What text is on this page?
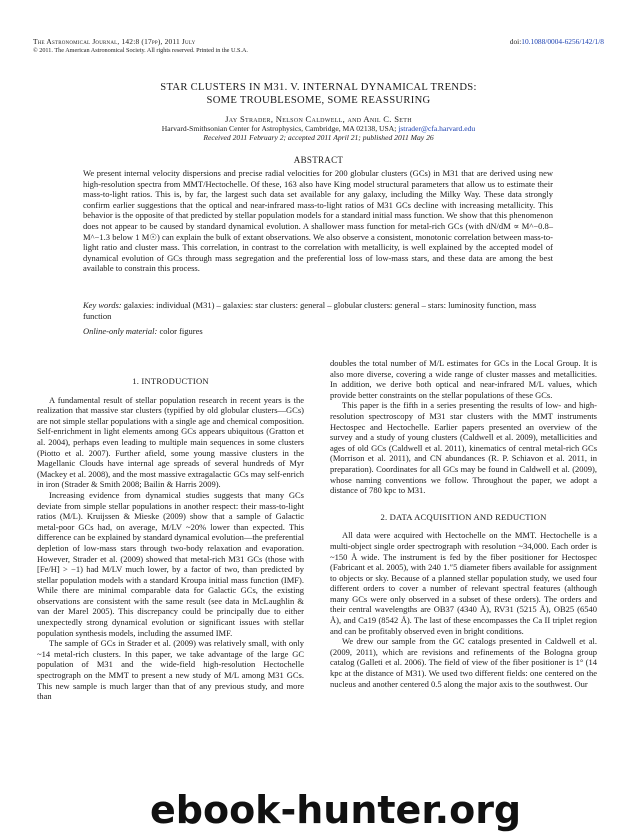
The Astronomical Journal, 142:8 (17pp), 2011 July
© 2011. The American Astronomical Society. All rights reserved. Printed in the U.S.A.
doi:10.1088/0004-6256/142/1/8
STAR CLUSTERS IN M31. V. INTERNAL DYNAMICAL TRENDS:
SOME TROUBLESOME, SOME REASSURING
Jay Strader, Nelson Caldwell, and Anil C. Seth
Harvard-Smithsonian Center for Astrophysics, Cambridge, MA 02138, USA; jstrader@cfa.harvard.edu
Received 2011 February 2; accepted 2011 April 21; published 2011 May 26
ABSTRACT
We present internal velocity dispersions and precise radial velocities for 200 globular clusters (GCs) in M31 that are derived using new high-resolution spectra from MMT/Hectochelle. Of these, 163 also have King model structural parameters that allow us to estimate their mass-to-light ratios. This is, by far, the largest such data set available for any galaxy, including the Milky Way. These data strongly confirm earlier suggestions that the optical and near-infrared mass-to-light ratios of M31 GCs decline with increasing metallicity. This behavior is the opposite of that predicted by stellar population models for a standard initial mass function. We show that this phenomenon does not appear to be caused by standard dynamical evolution. A shallower mass function for metal-rich GCs (with dN/dM ∝ M^−0.8–M^−1.3 below 1 M☉) can explain the bulk of extant observations. We also observe a consistent, monotonic correlation between mass-to-light ratio and cluster mass. This correlation, in contrast to the correlation with metallicity, is well explained by the accepted model of dynamical evolution of GCs through mass segregation and the preferential loss of low-mass stars, and these data are among the best available to constrain this process.
Key words: galaxies: individual (M31) – galaxies: star clusters: general – globular clusters: general – stars: luminosity function, mass function
Online-only material: color figures
1. INTRODUCTION

A fundamental result of stellar population research in recent years is the realization that massive star clusters (typified by old globular clusters—GCs) are not simple stellar populations with a single age and chemical composition. Self-enrichment in light elements among GCs appears ubiquitous (Gratton et al. 2004), perhaps even leading to multiple main sequences in some clusters (Piotto et al. 2007). Further afield, some young massive clusters in the Magellanic Clouds have internal age spreads of several hundreds of Myr (Mackey et al. 2008), and the most massive extragalactic GCs may self-enrich in iron (Strader & Smith 2008; Bailin & Harris 2009).

Increasing evidence from dynamical studies suggests that many GCs deviate from simple stellar populations in another respect: their mass-to-light ratios (M/L). Kruijssen & Mieske (2009) show that a sample of Galactic metal-poor GCs had, on average, M/LV ~20% lower than expected. This difference can be explained by standard dynamical evolution—the preferential depletion of low-mass stars through two-body relaxation and evaporation. However, Strader et al. (2009) showed that metal-rich M31 GCs (those with [Fe/H] > −1) had M/LV much lower, by a factor of two, than predicted by stellar population models with a standard Kroupa initial mass function (IMF). While there are minimal comparable data for Galactic GCs, the existing observations are consistent with the same result (see data in McLaughlin & van der Marel 2005). This discrepancy could be principally due to either unexpectedly strong dynamical evolution or significant issues with stellar population synthesis models, including the assumed IMF.

The sample of GCs in Strader et al. (2009) was relatively small, with only ~14 metal-rich clusters. In this paper, we take advantage of the large GC population of M31 and the wide-field high-resolution Hectochelle spectrograph on the MMT to present a new study of M/L among M31 GCs. This new sample is much larger than that of any previous study, and more than

doubles the total number of M/L estimates for GCs in the Local Group. It is also more diverse, covering a wide range of cluster masses and metallicities. In addition, we derive both optical and near-infrared M/L values, which provide better constraints on the stellar populations of these GCs.

This paper is the fifth in a series presenting the results of low- and high-resolution spectroscopy of M31 star clusters with the MMT instruments Hectospec and Hectochelle. Earlier papers presented an overview of the survey and a study of young clusters (Caldwell et al. 2009), metallicities and ages of old GCs (Caldwell et al. 2011), kinematics of central metal-rich GCs (Morrison et al. 2011), and CN abundances (R. P. Schiavon et al. 2011, in preparation). Coordinates for all GCs may be found in Caldwell et al. (2009), whose naming conventions we follow. Throughout the paper, we adopt a distance of 780 kpc to M31.

2. DATA ACQUISITION AND REDUCTION

All data were acquired with Hectochelle on the MMT. Hectochelle is a multi-object single order spectrograph with resolution ~34,000. Each order is ~150 Å wide. The instrument is fed by the fiber positioner for Hectospec (Fabricant et al. 2005), with 240 1.″5 diameter fibers available for assignment to objects or sky. Because of a planned stellar population study, we used four different orders to cover a number of relevant spectral features (although many GCs were only observed in a subset of these orders). The orders and their central wavelengths are OB37 (4340 Å), RV31 (5215 Å), OB25 (6540 Å), and Ca19 (8542 Å). The last of these encompasses the Ca II triplet region and can be profitably observed even in bright conditions.

We drew our sample from the GC catalogs presented in Caldwell et al. (2009, 2011), which are revisions and refinements of the Bologna group catalog (Galleti et al. 2006). The field of view of the fiber positioner is 1° (14 kpc at the distance of M31). We used two different fields: one centered on the nucleus and another centered 0.5 along the major axis to the southwest. Our

ebook-hunter.org
